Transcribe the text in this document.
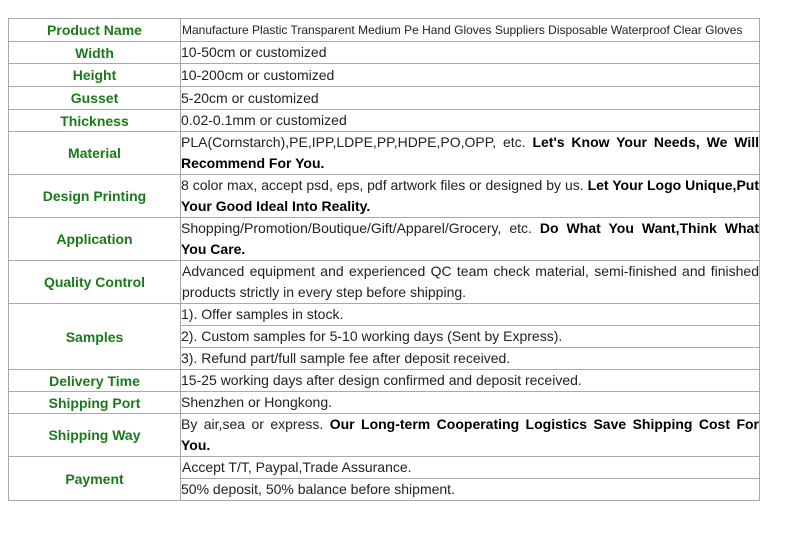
Product Name	Manufacture Plastic Transparent Medium Pe Hand Gloves Suppliers Disposable Waterproof Clear Gloves
Width	10-50cm or customized
Height	10-200cm or customized
Gusset	5-20cm or customized
Thickness	0.02-0.1mm or customized
Material	PLA(Cornstarch),PE,IPP,LDPE,PP,HDPE,PO,OPP, etc. Let's Know Your Needs, We Will Recommend For You.
Design Printing	8 color max, accept psd, eps, pdf artwork files or designed by us. Let Your Logo Unique,Put Your Good Ideal Into Reality.
Application	Shopping/Promotion/Boutique/Gift/Apparel/Grocery, etc. Do What You Want,Think What You Care.
Quality Control	Advanced equipment and experienced QC team check material, semi-finished and finished products strictly in every step before shipping.
Samples	1). Offer samples in stock.
	2). Custom samples for 5-10 working days (Sent by Express).
	3). Refund part/full sample fee after deposit received.
Delivery Time	15-25 working days after design confirmed and deposit received.
Shipping Port	Shenzhen or Hongkong.
Shipping Way	By air,sea or express. Our Long-term Cooperating Logistics Save Shipping Cost For You.
Payment	Accept T/T, Paypal,Trade Assurance.
	50% deposit, 50% balance before shipment.
